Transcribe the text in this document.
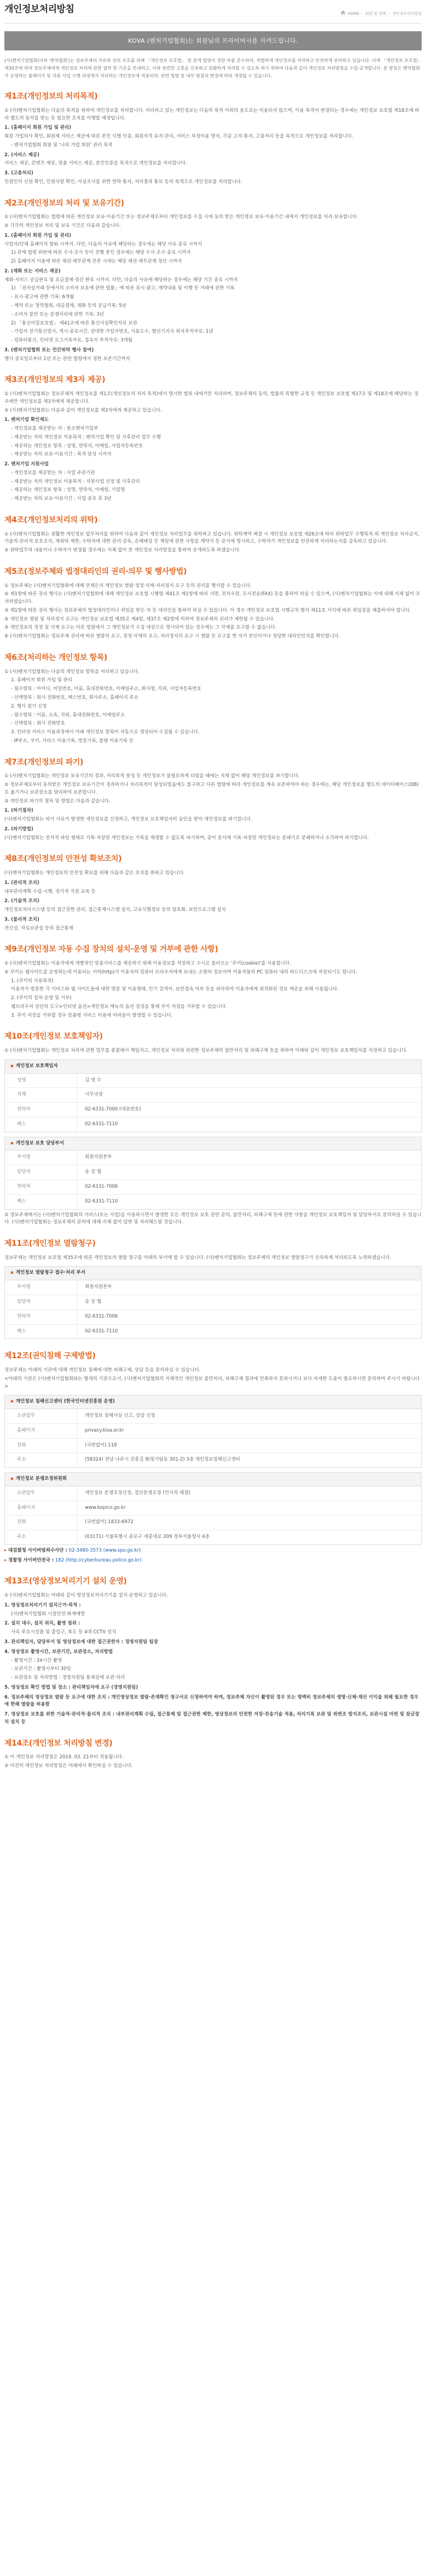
개인정보처리방침	HOME › 회원 및 정책 › 개인정보처리방침
KOVA (벤처기업협회)는 회원님의 프라이버시를 지켜드립니다.

(사)벤처기업협회(이하 '벤처협회')는 정보주체의 자유와 권리 보호를 위해 「개인정보 보호법」 및 관계 법령이 정한 바를 준수하여, 적법하게 개인정보를 처리하고 안전하게 관리하고 있습니다. 이에 「개인정보 보호법」 제30조에 따라 정보주체에게 개인정보 처리에 관한 절차 및 기준을 안내하고, 이와 관련한 고충을 신속하고 원활하게 처리할 수 있도록 하기 위하여 다음과 같이 개인정보 처리방침을 수립·공개합니다. 본 방침은 벤처협회가 운영하는 홈페이지 및 각종 사업 수행 과정에서 처리하는 개인정보에 적용되며, 관련 법령 및 내부 방침의 변경에 따라 개정될 수 있습니다.

제1조(개인정보의 처리목적)

① (사)벤처기업협회는 다음의 목적을 위하여 개인정보를 처리합니다. 처리하고 있는 개인정보는 다음의 목적 이외의 용도로는 이용되지 않으며, 이용 목적이 변경되는 경우에는 개인정보 보호법 제18조에 따라 별도의 동의를 받는 등 필요한 조치를 이행할 예정입니다.

1. (홈페이지 회원 가입 및 관리)

회원 가입의사 확인, 회원제 서비스 제공에 따른 본인 식별·인증, 회원자격 유지·관리, 서비스 부정이용 방지, 각종 고지·통지, 고충처리 등을 목적으로 개인정보를 처리합니다.

- 벤처기업협회 회원 및 '나의 가업 회원' 관리 목적

2. (서비스 제공)

서비스 제공, 콘텐츠 제공, 맞춤 서비스 제공, 본인인증을 목적으로 개인정보를 처리합니다.

3. (고충처리)

민원인의 신원 확인, 민원사항 확인, 사실조사를 위한 연락·통지, 처리결과 통보 등의 목적으로 개인정보를 처리합니다.

제2조(개인정보의 처리 및 보유기간)

① (사)벤처기업협회는 법령에 따른 개인정보 보유·이용기간 또는 정보주체로부터 개인정보를 수집 시에 동의 받은 개인정보 보유·이용기간 내에서 개인정보를 처리·보유합니다.

② 각각의 개인정보 처리 및 보유 기간은 다음과 같습니다.

1. (홈페이지 회원 가입 및 관리)

사업자/단체 홈페이지 탈퇴 시까지. 다만, 다음의 사유에 해당하는 경우에는 해당 사유 종료 시까지

1) 관계 법령 위반에 따른 수사·조사 등이 진행 중인 경우에는 해당 수사·조사 종료 시까지

2) 홈페이지 이용에 따른 채권·채무관계 잔존 시에는 해당 채권·채무관계 정산 시까지

2. (재화 또는 서비스 제공)

재화·서비스 공급완료 및 요금결제·정산 완료 시까지. 다만, 다음의 사유에 해당하는 경우에는 해당 기간 종료 시까지

1) 「전자상거래 등에서의 소비자 보호에 관한 법률」에 따른 표시·광고, 계약내용 및 이행 등 거래에 관한 기록

- 표시·광고에 관한 기록: 6개월

- 계약 또는 청약철회, 대금결제, 재화 등의 공급기록: 5년

- 소비자 불만 또는 분쟁처리에 관한 기록: 3년

2) 「통신비밀보호법」 제41조에 따른 통신사실확인자료 보관

- 가입자 전기통신일시, 개시·종료시간, 상대방 가입자번호, 사용도수, 발신기지국 위치추적자료: 1년

- 컴퓨터통신, 인터넷 로그기록자료, 접속지 추적자료: 3개월

3. (벤처기업협회 또는 민간위탁 행사 참여)

행사 종료일로부터 1년 또는 관련 법령에서 정한 보존기간까지

제3조(개인정보의 제3자 제공)

① (사)벤처기업협회는 정보주체의 개인정보를 제1조(개인정보의 처리 목적)에서 명시한 범위 내에서만 처리하며, 정보주체의 동의, 법률의 특별한 규정 등 개인정보 보호법 제17조 및 제18조에 해당하는 경우에만 개인정보를 제3자에게 제공합니다.

② (사)벤처기업협회는 다음과 같이 개인정보를 제3자에게 제공하고 있습니다.

1. 벤처기업 확인제도

- 개인정보를 제공받는 자 : 중소벤처기업부

- 제공받는 자의 개인정보 이용목적 : 벤처기업 확인 및 사후관리 업무 수행

- 제공하는 개인정보 항목 : 성명, 연락처, 이메일, 사업자등록번호

- 제공받는 자의 보유·이용기간 : 목적 달성 시까지

2. 벤처기업 지원사업

- 개인정보를 제공받는 자 : 사업 주관기관

- 제공받는 자의 개인정보 이용목적 : 지원사업 선정 및 사후관리

- 제공하는 개인정보 항목 : 성명, 연락처, 이메일, 기업명

- 제공받는 자의 보유·이용기간 : 사업 종료 후 3년

제4조(개인정보처리의 위탁)

① (사)벤처기업협회는 원활한 개인정보 업무처리를 위하여 다음과 같이 개인정보 처리업무를 위탁하고 있습니다. 위탁계약 체결 시 개인정보 보호법 제26조에 따라 위탁업무 수행목적 외 개인정보 처리금지, 기술적·관리적 보호조치, 재위탁 제한, 수탁자에 대한 관리·감독, 손해배상 등 책임에 관한 사항을 계약서 등 문서에 명시하고, 수탁자가 개인정보를 안전하게 처리하는지를 감독하고 있습니다.

② 위탁업무의 내용이나 수탁자가 변경될 경우에는 지체 없이 본 개인정보 처리방침을 통하여 공개하도록 하겠습니다.

제5조(정보주체와 법정대리인의 권리·의무 및 행사방법)

① 정보주체는 (사)벤처기업협회에 대해 언제든지 개인정보 열람·정정·삭제·처리정지 요구 등의 권리를 행사할 수 있습니다.

② 제1항에 따른 권리 행사는 (사)벤처기업협회에 대해 개인정보 보호법 시행령 제41조 제1항에 따라 서면, 전자우편, 모사전송(FAX) 등을 통하여 하실 수 있으며, (사)벤처기업협회는 이에 대해 지체 없이 조치하겠습니다.

③ 제1항에 따른 권리 행사는 정보주체의 법정대리인이나 위임을 받은 자 등 대리인을 통하여 하실 수 있습니다. 이 경우 개인정보 보호법 시행규칙 별지 제11호 서식에 따른 위임장을 제출하셔야 합니다.

④ 개인정보 열람 및 처리정지 요구는 개인정보 보호법 제35조 제4항, 제37조 제2항에 의하여 정보주체의 권리가 제한될 수 있습니다.

⑤ 개인정보의 정정 및 삭제 요구는 다른 법령에서 그 개인정보가 수집 대상으로 명시되어 있는 경우에는 그 삭제를 요구할 수 없습니다.

⑥ (사)벤처기업협회는 정보주체 권리에 따른 열람의 요구, 정정·삭제의 요구, 처리정지의 요구 시 열람 등 요구를 한 자가 본인이거나 정당한 대리인인지를 확인합니다.

제6조(처리하는 개인정보 항목)

① (사)벤처기업협회는 다음의 개인정보 항목을 처리하고 있습니다.

1. 홈페이지 회원 가입 및 관리

- 필수항목 : 아이디, 비밀번호, 이름, 휴대전화번호, 이메일주소, 회사명, 직위, 사업자등록번호

- 선택항목 : 회사 전화번호, 팩스번호, 회사주소, 홈페이지 주소

2. 행사 참가 신청

- 필수항목 : 이름, 소속, 직위, 휴대전화번호, 이메일주소

- 선택항목 : 회사 전화번호

3. 인터넷 서비스 이용과정에서 아래 개인정보 항목이 자동으로 생성되어 수집될 수 있습니다.

- IP주소, 쿠키, 서비스 이용기록, 방문기록, 불량 이용기록 등

제7조(개인정보의 파기)

① (사)벤처기업협회는 개인정보 보유기간의 경과, 처리목적 달성 등 개인정보가 불필요하게 되었을 때에는 지체 없이 해당 개인정보를 파기합니다.

② 정보주체로부터 동의받은 개인정보 보유기간이 경과하거나 처리목적이 달성되었음에도 불구하고 다른 법령에 따라 개인정보를 계속 보존하여야 하는 경우에는, 해당 개인정보를 별도의 데이터베이스(DB)로 옮기거나 보관장소를 달리하여 보존합니다.

③ 개인정보 파기의 절차 및 방법은 다음과 같습니다.

1. (파기절차)

(사)벤처기업협회는 파기 사유가 발생한 개인정보를 선정하고, 개인정보 보호책임자의 승인을 받아 개인정보를 파기합니다.

2. (파기방법)

(사)벤처기업협회는 전자적 파일 형태로 기록·저장된 개인정보는 기록을 재생할 수 없도록 파기하며, 종이 문서에 기록·저장된 개인정보는 분쇄기로 분쇄하거나 소각하여 파기합니다.

제8조(개인정보의 안전성 확보조치)

(사)벤처기업협회는 개인정보의 안전성 확보를 위해 다음과 같은 조치를 취하고 있습니다.

1. (관리적 조치)

내부관리계획 수립·시행, 정기적 직원 교육 등

2. (기술적 조치)

개인정보처리시스템 등의 접근권한 관리, 접근통제시스템 설치, 고유식별정보 등의 암호화, 보안프로그램 설치

3. (물리적 조치)

전산실, 자료보관실 등의 접근통제

제9조(개인정보 자동 수집 장치의 설치·운영 및 거부에 관한 사항)

① (사)벤처기업협회는 이용자에게 개별적인 맞춤서비스를 제공하기 위해 이용정보를 저장하고 수시로 불러오는 '쿠키(cookie)'를 사용합니다.

② 쿠키는 웹사이트를 운영하는데 이용되는 서버(http)가 이용자의 컴퓨터 브라우저에게 보내는 소량의 정보이며 이용자들의 PC 컴퓨터 내의 하드디스크에 저장되기도 합니다.

1. (쿠키의 사용목적)

이용자가 방문한 각 서비스와 웹 사이트들에 대한 방문 및 이용형태, 인기 검색어, 보안접속 여부 등을 파악하여 이용자에게 최적화된 정보 제공을 위해 사용됩니다.

2. (쿠키의 설치·운영 및 거부)

웹브라우저 상단의 도구>인터넷 옵션>개인정보 메뉴의 옵션 설정을 통해 쿠키 저장을 거부할 수 있습니다.

3. 쿠키 저장을 거부할 경우 맞춤형 서비스 이용에 어려움이 발생할 수 있습니다.

제10조(개인정보 보호책임자)

① (사)벤처기업협회는 개인정보 처리에 관한 업무를 총괄해서 책임지고, 개인정보 처리와 관련한 정보주체의 불만처리 및 피해구제 등을 위하여 아래와 같이 개인정보 보호책임자를 지정하고 있습니다.

▪ 개인정보 보호책임자
성명	김 영 수
직책	사무국장
연락처	02-6331-7000 (대표번호)
팩스	02-6331-7110
▪ 개인정보 보호 담당부서
부서명	회원지원본부
담당자	송 상 협
연락처	02-6331-7006
팩스	02-6331-7110

② 정보주체께서는 (사)벤처기업협회의 서비스(또는 사업)을 이용하시면서 발생한 모든 개인정보 보호 관련 문의, 불만처리, 피해구제 등에 관한 사항을 개인정보 보호책임자 및 담당부서로 문의하실 수 있습니다. (사)벤처기업협회는 정보주체의 문의에 대해 지체 없이 답변 및 처리해드릴 것입니다.

제11조(개인정보 열람청구)

정보주체는 개인정보 보호법 제35조에 따른 개인정보의 열람 청구를 아래의 부서에 할 수 있습니다. (사)벤처기업협회는 정보주체의 개인정보 열람청구가 신속하게 처리되도록 노력하겠습니다.

▪ 개인정보 열람청구 접수·처리 부서
부서명	회원지원본부
담당자	송 상 협
연락처	02-6331-7006
팩스	02-6331-7110
제12조(권익침해 구제방법)

정보주체는 아래의 기관에 대해 개인정보 침해에 대한 피해구제, 상담 등을 문의하실 수 있습니다.

<아래의 기관은 (사)벤처기업협회와는 별개의 기관으로서, (사)벤처기업협회의 자체적인 개인정보 불만처리, 피해구제 결과에 만족하지 못하시거나 보다 자세한 도움이 필요하시면 문의하여 주시기 바랍니다>

▪ 개인정보 침해신고센터 (한국인터넷진흥원 운영)
소관업무	개인정보 침해사실 신고, 상담 신청
홈페이지	privacy.kisa.or.kr
전화	(국번없이) 118
주소	(58324) 전남 나주시 진흥길 9(빛가람동 301-2) 3층 개인정보침해신고센터
▪ 개인정보 분쟁조정위원회
소관업무	개인정보 분쟁조정신청, 집단분쟁조정 (민사적 해결)
홈페이지	www.kopico.go.kr
전화	(국번없이) 1833-6972
주소	(03171) 서울특별시 종로구 세종대로 209 정부서울청사 4층
▸ 대검찰청 사이버범죄수사단 : 02-3480-3573 (www.spo.go.kr)
▸ 경찰청 사이버안전국 : 182 (http://cyberbureau.police.go.kr)
제13조(영상정보처리기기 설치 운영)

① (사)벤처기업협회는 아래와 같이 영상정보처리기기를 설치·운영하고 있습니다.

1. 영상정보처리기기 설치근거·목적 :

(사)벤처기업협회 시설안전·화재예방

2. 설치 대수, 설치 위치, 촬영 범위 :

사옥 주요시설물 및 출입구, 복도 등 4대 CCTV 설치

3. 관리책임자, 담당부서 및 영상정보에 대한 접근권한자 : 경영지원팀 팀장

4. 영상정보 촬영시간, 보관기간, 보관장소, 처리방법

- 촬영시간 : 24시간 촬영

- 보관기간 : 촬영시부터 30일

- 보관장소 및 처리방법 : 경영지원팀 통제실에 보관·처리

5. 영상정보 확인 방법 및 장소 : 관리책임자에 요구 (경영지원팀)

6. 정보주체의 영상정보 열람 등 요구에 대한 조치 : 개인영상정보 열람·존재확인 청구서로 신청하여야 하며, 정보주체 자신이 촬영된 경우 또는 명백히 정보주체의 생명·신체·재산 이익을 위해 필요한 경우에 한해 열람을 허용함

7. 영상정보 보호를 위한 기술적·관리적·물리적 조치 : 내부관리계획 수립, 접근통제 및 접근권한 제한, 영상정보의 안전한 저장·전송기술 적용, 처리기록 보관 및 위변조 방지조치, 보관시설 마련 및 잠금장치 설치 등

제14조(개인정보 처리방침 변경)

① 이 개인정보 처리방침은 2019. 03. 21부터 적용됩니다.

② 이전의 개인정보 처리방침은 아래에서 확인하실 수 있습니다.
